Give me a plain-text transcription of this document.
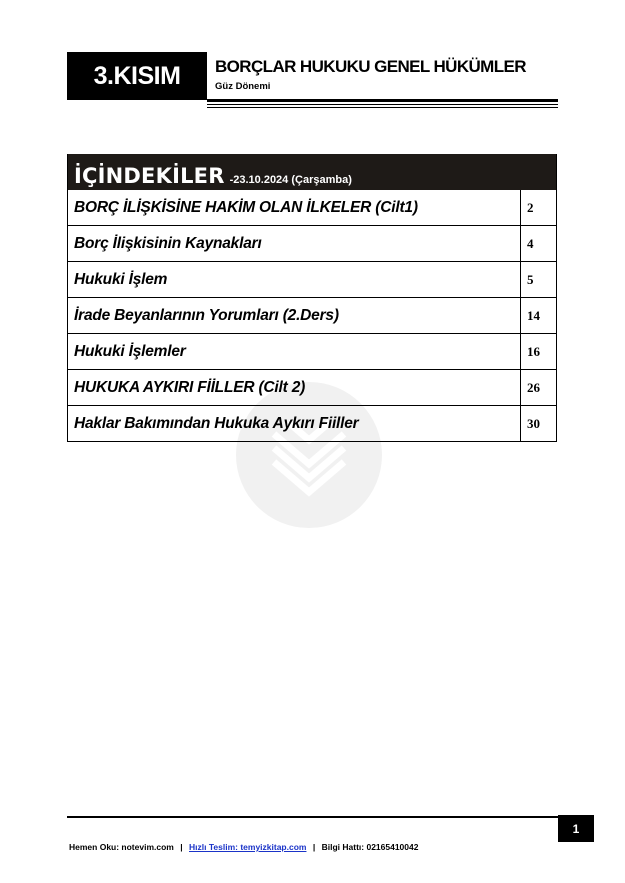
3.KISIM BORÇLAR HUKUKU GENEL HÜKÜMLER
Güz Dönemi
İÇİNDEKİLER -23.10.2024 (Çarşamba)
BORÇ İLİŞKİSİNE HAKİM OLAN İLKELER (Cilt1)	2
Borç İlişkisinin Kaynakları	4
Hukuki İşlem	5
İrade Beyanlarının Yorumları (2.Ders)	14
Hukuki İşlemler	16
HUKUKA AYKIRI FİİLLER (Cilt 2)	26
Haklar Bakımından Hukuka Aykırı Fiiller	30
1
Hemen Oku: notevim.com | Hızlı Teslim: temyizkitap.com | Bilgi Hattı: 02165410042
